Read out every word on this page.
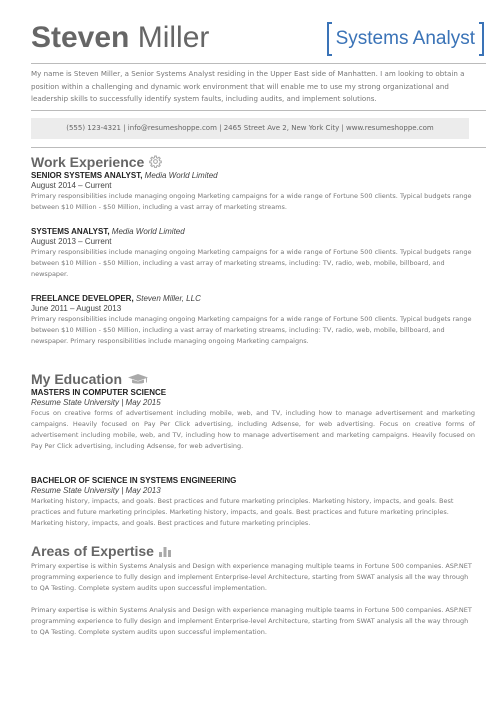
Steven Miller	Systems Analyst
My name is Steven Miller, a Senior Systems Analyst residing in the Upper East side of Manhatten. I am looking to obtain a position within a challenging and dynamic work environment that will enable me to use my strong organizational and leadership skills to successfully identify system faults, including audits, and implement solutions.
(555) 123-4321 | info@resumeshoppe.com | 2465 Street Ave 2, New York City | www.resumeshoppe.com
Work Experience
SENIOR SYSTEMS ANALYST, Media World Limited
August 2014 – Current
Primary responsibilities include managing ongoing Marketing campaigns for a wide range of Fortune 500 clients. Typical budgets range between $10 Million - $50 Million, including a vast array of marketing streams.
SYSTEMS ANALYST, Media World Limited
August 2013 – Current
Primary responsibilities include managing ongoing Marketing campaigns for a wide range of Fortune 500 clients. Typical budgets range between $10 Million - $50 Million, including a vast array of marketing streams, including: TV, radio, web, mobile, billboard, and newspaper.
FREELANCE DEVELOPER, Steven Miller, LLC
June 2011 – August 2013
Primary responsibilities include managing ongoing Marketing campaigns for a wide range of Fortune 500 clients. Typical budgets range between $10 Million - $50 Million, including a vast array of marketing streams, including: TV, radio, web, mobile, billboard, and newspaper. Primary responsibilities include managing ongoing Marketing campaigns.
My Education
MASTERS IN COMPUTER SCIENCE
Resume State University | May 2015
Focus on creative forms of advertisement including mobile, web, and TV, including how to manage advertisement and marketing campaigns. Heavily focused on Pay Per Click advertising, including Adsense, for web advertising. Focus on creative forms of advertisement including mobile, web, and TV, including how to manage advertisement and marketing campaigns. Heavily focused on Pay Per Click advertising, including Adsense, for web advertising.
BACHELOR OF SCIENCE IN SYSTEMS ENGINEERING
Resume State University | May 2013
Marketing history, impacts, and goals. Best practices and future marketing principles. Marketing history, impacts, and goals. Best practices and future marketing principles. Marketing history, impacts, and goals. Best practices and future marketing principles. Marketing history, impacts, and goals. Best practices and future marketing principles.
Areas of Expertise
Primary expertise is within Systems Analysis and Design with experience managing multiple teams in Fortune 500 companies. ASP.NET programming experience to fully design and implement Enterprise-level Architecture, starting from SWAT analysis all the way through to QA Testing. Complete system audits upon successful implementation.
Primary expertise is within Systems Analysis and Design with experience managing multiple teams in Fortune 500 companies. ASP.NET programming experience to fully design and implement Enterprise-level Architecture, starting from SWAT analysis all the way through to QA Testing. Complete system audits upon successful implementation.
